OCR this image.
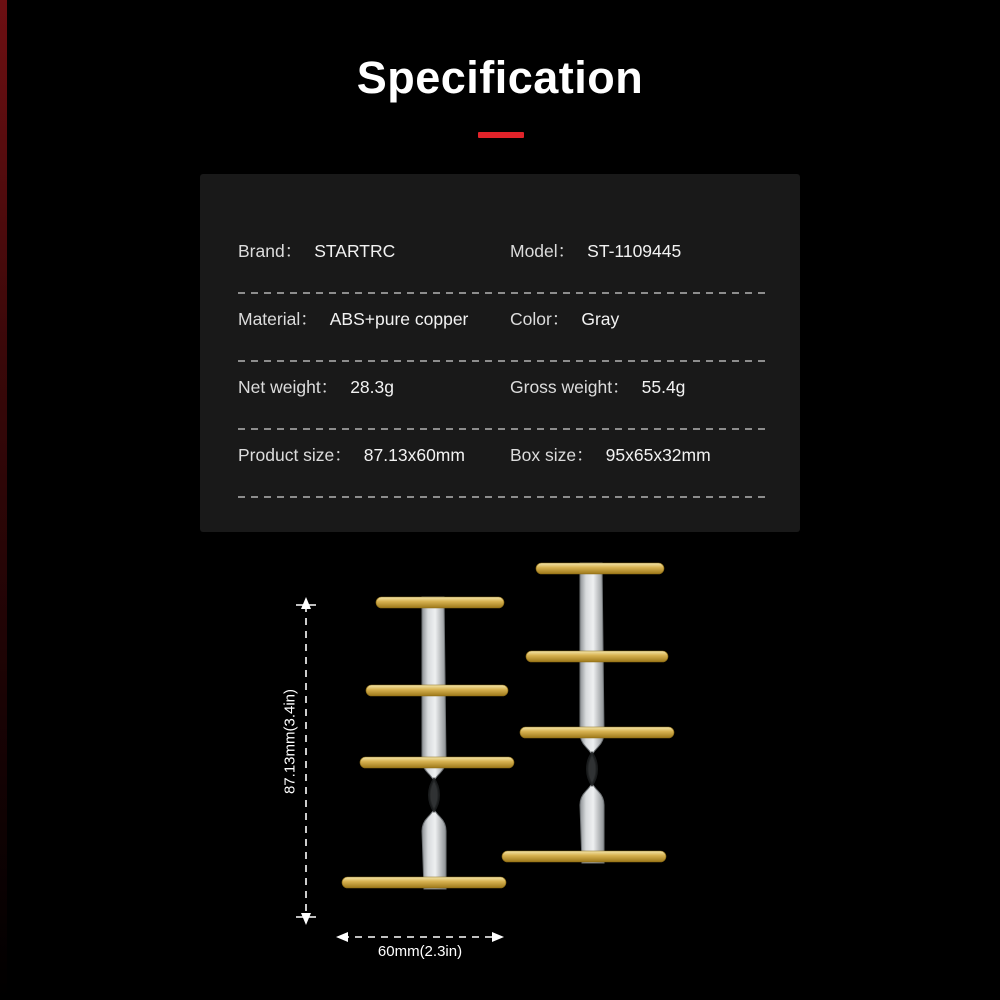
Specification
Brand： STARTRC	Model： ST-1109445
Material： ABS+pure copper Color： Gray
Net weight： 28.3g	Gross weight： 55.4g
Product size： 87.13x60mm	Box size： 95x65x32mm
87.13mm(3.4in)
60mm(2.3in)
